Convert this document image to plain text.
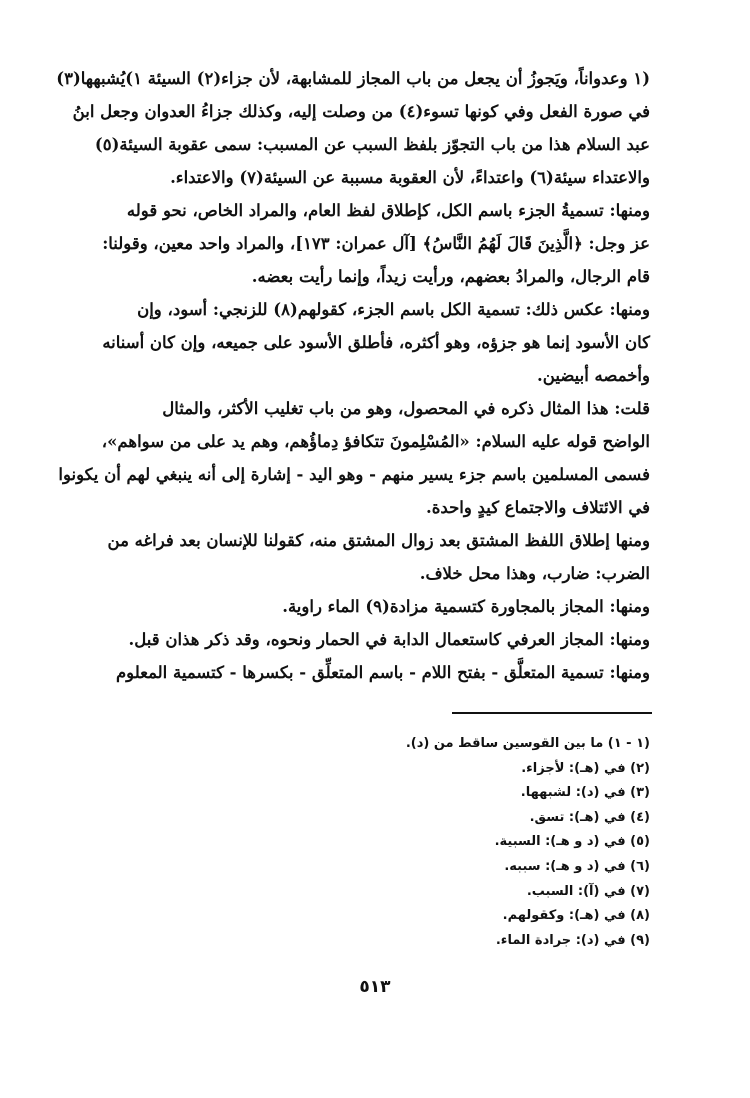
(١ وعدواناً، ويَجوزُ أن يجعل من باب المجاز للمشابهة، لأن جزاء(٢) السيئة ١)يُشبهها(٣)
في صورة الفعل وفي كونها تسوء(٤) من وصلت إليه، وكذلك جزاءُ العدوان وجعل ابنُ
عبد السلام هذا من باب التجوّز بلفظ السبب عن المسبب: سمى عقوبة السيئة(٥)
والاعتداء سيئة(٦) واعتداءً، لأن العقوبة مسببة عن السيئة(٧) والاعتداء.
ومنها: تسميةُ الجزء باسم الكل، كإطلاق لفظ العام، والمراد الخاص، نحو قوله
عز وجل: ﴿الَّذِينَ قَالَ لَهُمُ النَّاسُ﴾ [آل عمران: ١٧٣]، والمراد واحد معين، وقولنا:
قام الرجال، والمرادُ بعضهم، ورأيت زيداً، وإنما رأيت بعضه.
ومنها: عكس ذلك: تسمية الكل باسم الجزء، كقولهم(٨) للزنجي: أسود، وإن
كان الأسود إنما هو جزؤه، وهو أكثره، فأطلق الأسود على جميعه، وإن كان أسنانه
وأخمصه أبيضين.
قلت: هذا المثال ذكره في المحصول، وهو من باب تغليب الأكثر، والمثال
الواضح قوله عليه السلام: «المُسْلِمونَ تتكافؤ دِماؤُهم، وهم يد على من سواهم»،
فسمى المسلمين باسم جزء يسير منهم - وهو اليد - إشارة إلى أنه ينبغي لهم أن يكونوا
في الائتلاف والاجتماع كيدٍ واحدة.
ومنها إطلاق اللفظ المشتق بعد زوال المشتق منه، كقولنا للإنسان بعد فراغه من
الضرب: ضارب، وهذا محل خلاف.
ومنها: المجاز بالمجاورة كتسمية مزادة(٩) الماء راوية.
ومنها: المجاز العرفي كاستعمال الدابة في الحمار ونحوه، وقد ذكر هذان قبل.
ومنها: تسمية المتعلَّق - بفتح اللام - باسم المتعلِّق - بكسرها - كتسمية المعلوم
(١ - ١) ما بين القوسين ساقط من (د).
(٢) في (هـ): لأجزاء.
(٣) في (د): لشبهها.
(٤) في (هـ): تسق.
(٥) في (د و هـ): السبية.
(٦) في (د و هـ): سببه.
(٧) في (آ): السبب.
(٨) في (هـ): وكقولهم.
(٩) في (د): جرادة الماء.
٥١٣
